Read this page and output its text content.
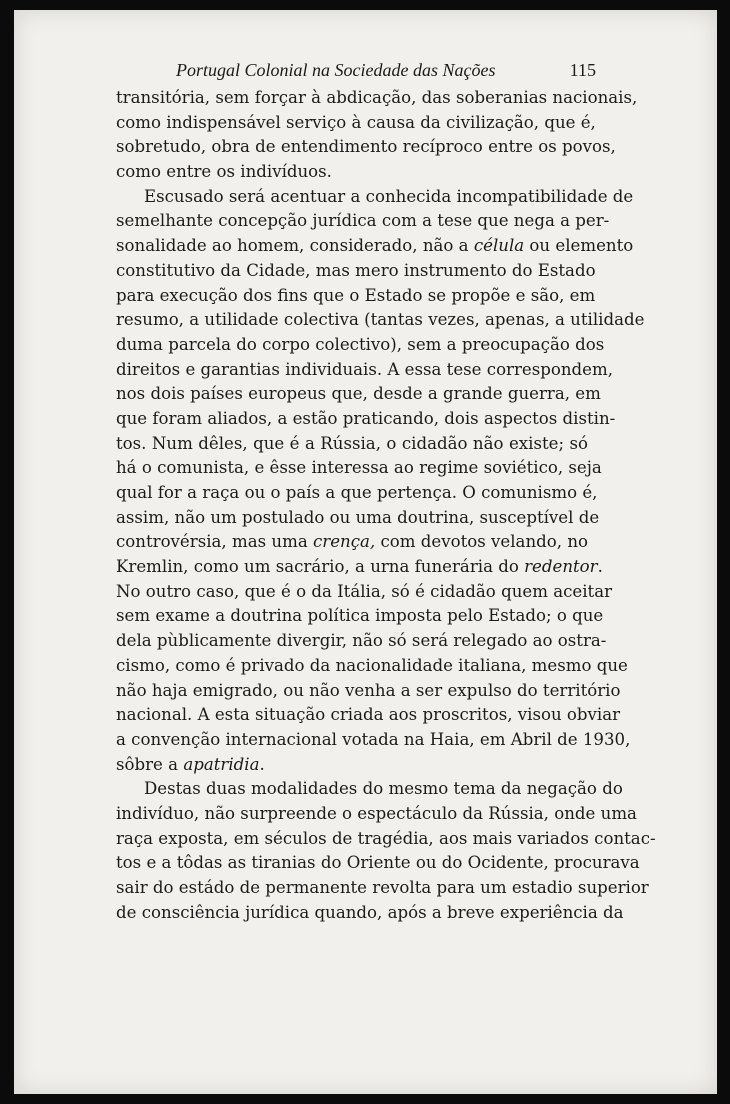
Portugal Colonial na Sociedade das Nações	115
transitória, sem forçar à abdicação, das soberanias nacionais,
como indispensável serviço à causa da civilização, que é,
sobretudo, obra de entendimento recíproco entre os povos,
como entre os indivíduos.
Escusado será acentuar a conhecida incompatibilidade de
semelhante concepção jurídica com a tese que nega a per-
sonalidade ao homem, considerado, não a célula ou elemento
constitutivo da Cidade, mas mero instrumento do Estado
para execução dos fins que o Estado se propõe e são, em
resumo, a utilidade colectiva (tantas vezes, apenas, a utilidade
duma parcela do corpo colectivo), sem a preocupação dos
direitos e garantias individuais. A essa tese correspondem,
nos dois países europeus que, desde a grande guerra, em
que foram aliados, a estão praticando, dois aspectos distin-
tos. Num dêles, que é a Rússia, o cidadão não existe; só
há o comunista, e êsse interessa ao regime soviético, seja
qual for a raça ou o país a que pertença. O comunismo é,
assim, não um postulado ou uma doutrina, susceptível de
controvérsia, mas uma crença, com devotos velando, no
Kremlin, como um sacrário, a urna funerária do redentor.
No outro caso, que é o da Itália, só é cidadão quem aceitar
sem exame a doutrina política imposta pelo Estado; o que
dela pùblicamente divergir, não só será relegado ao ostra-
cismo, como é privado da nacionalidade italiana, mesmo que
não haja emigrado, ou não venha a ser expulso do território
nacional. A esta situação criada aos proscritos, visou obviar
a convenção internacional votada na Haia, em Abril de 1930,
sôbre a apatridia.
Destas duas modalidades do mesmo tema da negação do
indivíduo, não surpreende o espectáculo da Rússia, onde uma
raça exposta, em séculos de tragédia, aos mais variados contac-
tos e a tôdas as tiranias do Oriente ou do Ocidente, procurava
sair do estádo de permanente revolta para um estadio superior
de consciência jurídica quando, após a breve experiência da
